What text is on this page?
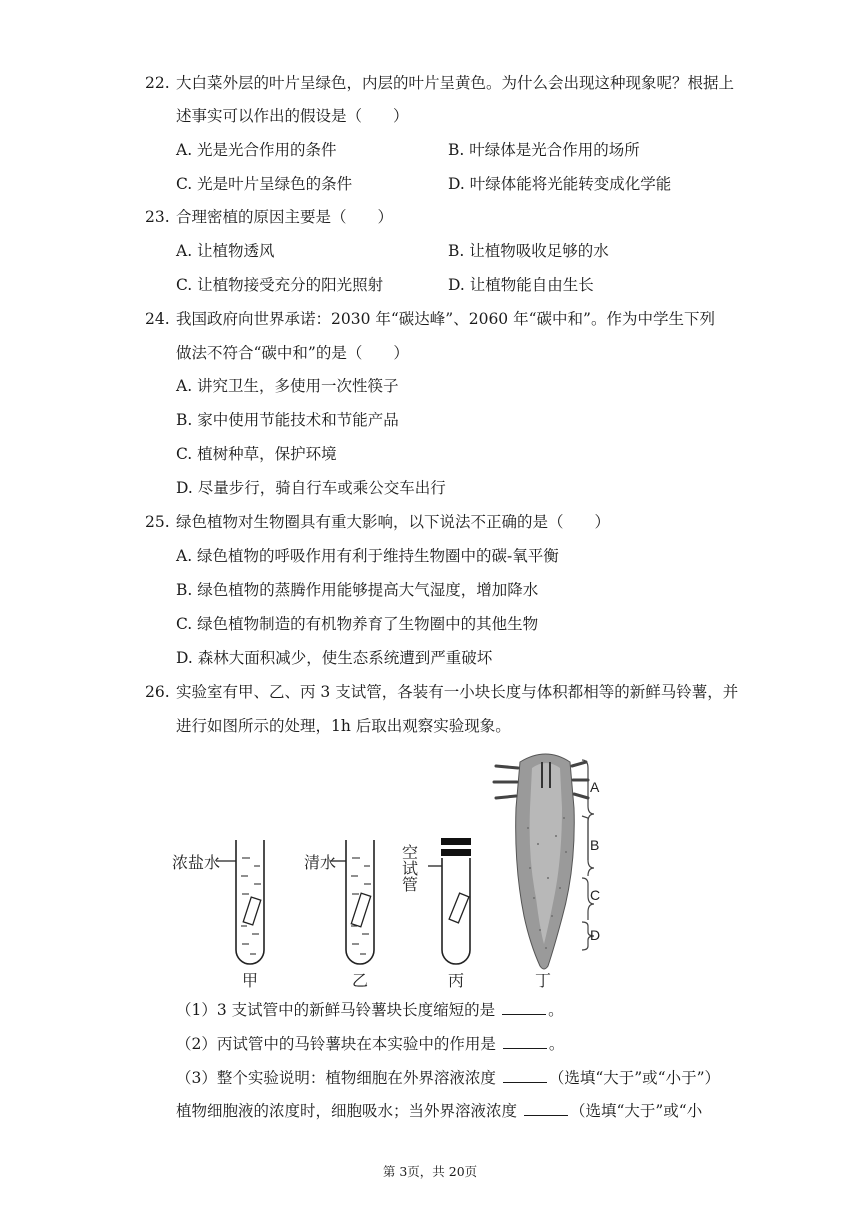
22. 大白菜外层的叶片呈绿色，内层的叶片呈黄色。为什么会出现这种现象呢？根据上
述事实可以作出的假设是（　　）
A. 光是光合作用的条件	B. 叶绿体是光合作用的场所
C. 光是叶片呈绿色的条件	D. 叶绿体能将光能转变成化学能
23. 合理密植的原因主要是（　　）
A. 让植物透风	B. 让植物吸收足够的水
C. 让植物接受充分的阳光照射	D. 让植物能自由生长
24. 我国政府向世界承诺：2030 年“碳达峰”、2060 年“碳中和”。作为中学生下列
做法不符合“碳中和”的是（　　）
A. 讲究卫生，多使用一次性筷子
B. 家中使用节能技术和节能产品
C. 植树种草，保护环境
D. 尽量步行，骑自行车或乘公交车出行
25. 绿色植物对生物圈具有重大影响，以下说法不正确的是（　　）
A. 绿色植物的呼吸作用有利于维持生物圈中的碳-氧平衡
B. 绿色植物的蒸腾作用能够提高大气湿度，增加降水
C. 绿色植物制造的有机物养育了生物圈中的其他生物
D. 森林大面积减少，使生态系统遭到严重破坏
26. 实验室有甲、乙、丙 3 支试管，各装有一小块长度与体积都相等的新鲜马铃薯，并
进行如图所示的处理，1h 后取出观察实验现象。
浓盐水
甲
清水
乙
空试管
丙
A
B
C
D
丁
（1）3 支试管中的新鲜马铃薯块长度缩短的是	。
（2）丙试管中的马铃薯块在本实验中的作用是	。
（3）整个实验说明：植物细胞在外界溶液浓度	（选填“大于”或“小于”）
植物细胞液的浓度时，细胞吸水；当外界溶液浓度	（选填“大于”或“小
第 3页，共 20页
